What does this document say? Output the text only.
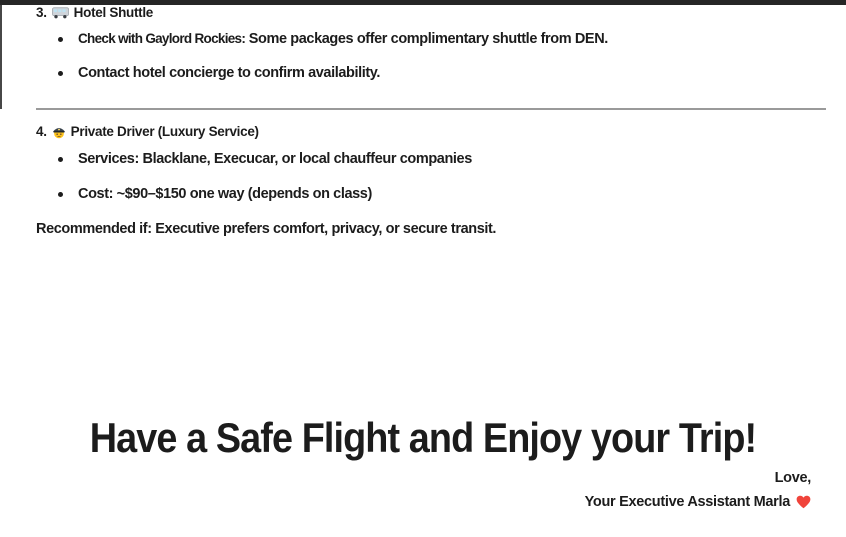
3. Hotel Shuttle
Check with Gaylord Rockies: Some packages offer complimentary shuttle from DEN.
Contact hotel concierge to confirm availability.
4. Private Driver (Luxury Service)
Services: Blacklane, Execucar, or local chauffeur companies
Cost: ~$90–$150 one way (depends on class)
Recommended if: Executive prefers comfort, privacy, or secure transit.
Have a Safe Flight and Enjoy your Trip!
Love,
Your Executive Assistant Marla
